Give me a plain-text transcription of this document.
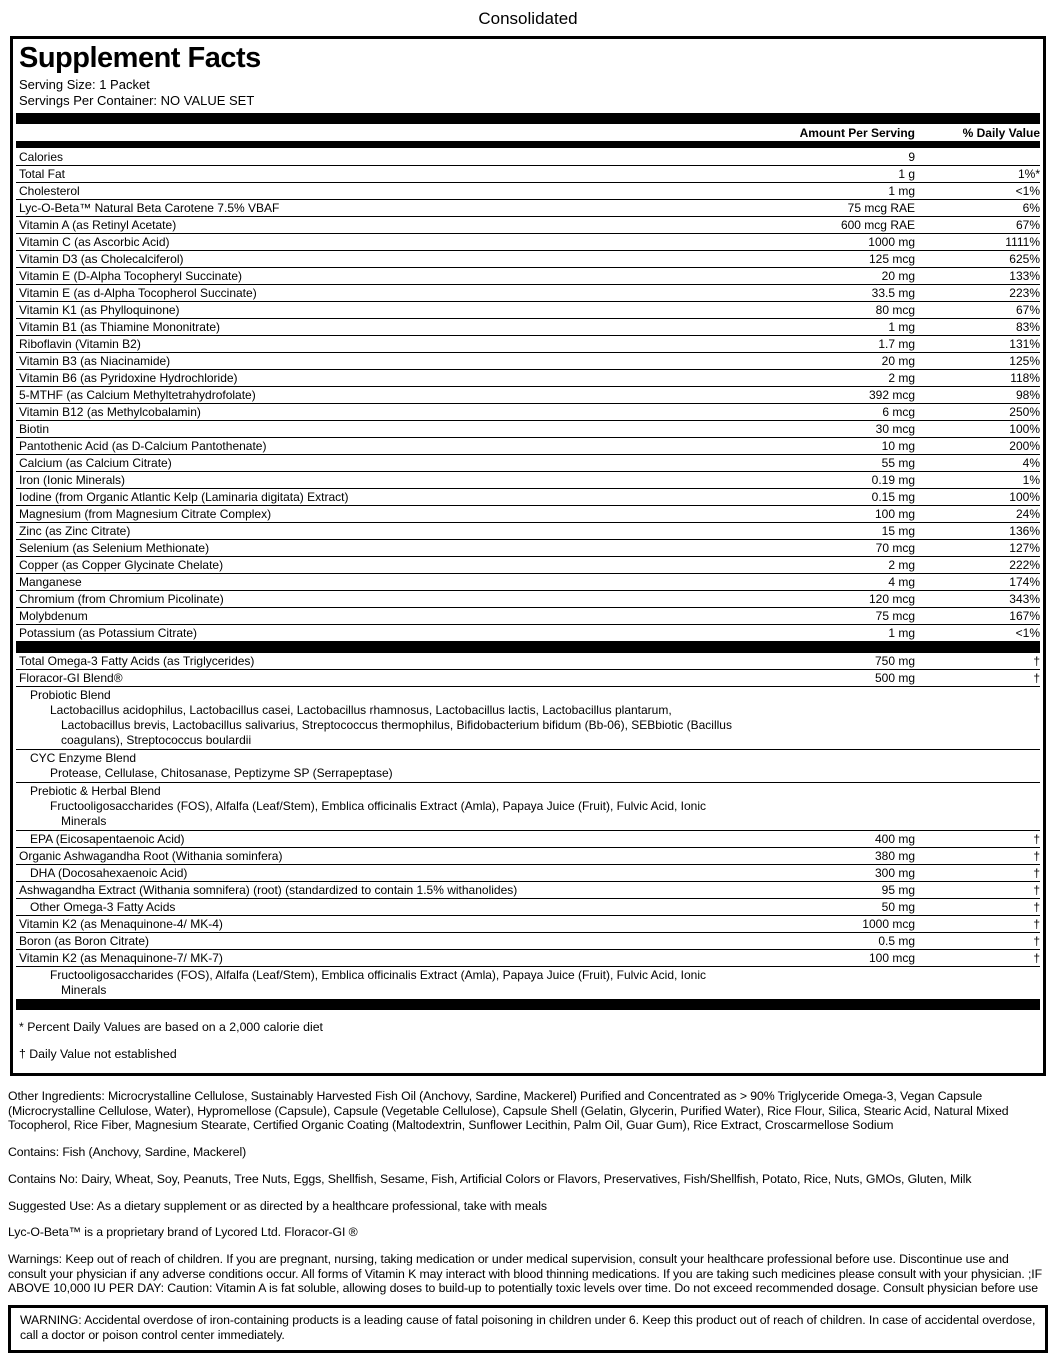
Consolidated
Supplement Facts
Serving Size: 1 Packet
Servings Per Container: NO VALUE SET
Amount Per Serving	% Daily Value
Calories	9
Total Fat	1 g	1%*
Cholesterol	1 mg	<1%
Lyc-O-Beta™ Natural Beta Carotene 7.5% VBAF	75 mcg RAE	6%
Vitamin A (as Retinyl Acetate)	600 mcg RAE	67%
Vitamin C (as Ascorbic Acid)	1000 mg	1111%
Vitamin D3 (as Cholecalciferol)	125 mcg	625%
Vitamin E (D-Alpha Tocopheryl Succinate)	20 mg	133%
Vitamin E (as d-Alpha Tocopherol Succinate)	33.5 mg	223%
Vitamin K1 (as Phylloquinone)	80 mcg	67%
Vitamin B1 (as Thiamine Mononitrate)	1 mg	83%
Riboflavin (Vitamin B2)	1.7 mg	131%
Vitamin B3 (as Niacinamide)	20 mg	125%
Vitamin B6 (as Pyridoxine Hydrochloride)	2 mg	118%
5-MTHF (as Calcium Methyltetrahydrofolate)	392 mcg	98%
Vitamin B12 (as Methylcobalamin)	6 mcg	250%
Biotin	30 mcg	100%
Pantothenic Acid (as D-Calcium Pantothenate)	10 mg	200%
Calcium (as Calcium Citrate)	55 mg	4%
Iron (Ionic Minerals)	0.19 mg	1%
Iodine (from Organic Atlantic Kelp (Laminaria digitata) Extract)	0.15 mg	100%
Magnesium (from Magnesium Citrate Complex)	100 mg	24%
Zinc (as Zinc Citrate)	15 mg	136%
Selenium (as Selenium Methionate)	70 mcg	127%
Copper (as Copper Glycinate Chelate)	2 mg	222%
Manganese	4 mg	174%
Chromium (from Chromium Picolinate)	120 mcg	343%
Molybdenum	75 mcg	167%
Potassium (as Potassium Citrate)	1 mg	<1%
Total Omega-3 Fatty Acids (as Triglycerides)	750 mg	†
Floracor-GI Blend®	500 mg	†
Probiotic Blend
Lactobacillus acidophilus, Lactobacillus casei, Lactobacillus rhamnosus, Lactobacillus lactis, Lactobacillus plantarum,
Lactobacillus brevis, Lactobacillus salivarius, Streptococcus thermophilus, Bifidobacterium bifidum (Bb-06), SEBbiotic (Bacillus
coagulans), Streptococcus boulardii
CYC Enzyme Blend
Protease, Cellulase, Chitosanase, Peptizyme SP (Serrapeptase)
Prebiotic & Herbal Blend
Fructooligosaccharides (FOS), Alfalfa (Leaf/Stem), Emblica officinalis Extract (Amla), Papaya Juice (Fruit), Fulvic Acid, Ionic
Minerals
EPA (Eicosapentaenoic Acid)	400 mg	†
Organic Ashwagandha Root (Withania sominfera)	380 mg	†
DHA (Docosahexaenoic Acid)	300 mg	†
Ashwagandha Extract (Withania somnifera) (root) (standardized to contain 1.5% withanolides)	95 mg	†
Other Omega-3 Fatty Acids	50 mg	†
Vitamin K2 (as Menaquinone-4/ MK-4)	1000 mcg	†
Boron (as Boron Citrate)	0.5 mg	†
Vitamin K2 (as Menaquinone-7/ MK-7)	100 mcg	†
Fructooligosaccharides (FOS), Alfalfa (Leaf/Stem), Emblica officinalis Extract (Amla), Papaya Juice (Fruit), Fulvic Acid, Ionic
Minerals
* Percent Daily Values are based on a 2,000 calorie diet
† Daily Value not established

Other Ingredients: Microcrystalline Cellulose, Sustainably Harvested Fish Oil (Anchovy, Sardine, Mackerel) Purified and Concentrated as > 90% Triglyceride Omega-3, Vegan Capsule (Microcrystalline Cellulose, Water), Hypromellose (Capsule), Capsule (Vegetable Cellulose), Capsule Shell (Gelatin, Glycerin, Purified Water), Rice Flour, Silica, Stearic Acid, Natural Mixed Tocopherol, Rice Fiber, Magnesium Stearate, Certified Organic Coating (Maltodextrin, Sunflower Lecithin, Palm Oil, Guar Gum), Rice Extract, Croscarmellose Sodium

Contains: Fish (Anchovy, Sardine, Mackerel)

Contains No: Dairy, Wheat, Soy, Peanuts, Tree Nuts, Eggs, Shellfish, Sesame, Fish, Artificial Colors or Flavors, Preservatives, Fish/Shellfish, Potato, Rice, Nuts, GMOs, Gluten, Milk

Suggested Use: As a dietary supplement or as directed by a healthcare professional, take with meals

Lyc-O-Beta™ is a proprietary brand of Lycored Ltd. Floracor-GI ®

Warnings: Keep out of reach of children. If you are pregnant, nursing, taking medication or under medical supervision, consult your healthcare professional before use. Discontinue use and consult your physician if any adverse conditions occur. All forms of Vitamin K may interact with blood thinning medications. If you are taking such medicines please consult with your physician. ;IF ABOVE 10,000 IU PER DAY: Caution: Vitamin A is fat soluble, allowing doses to build-up to potentially toxic levels over time. Do not exceed recommended dosage. Consult physician before use

WARNING: Accidental overdose of iron-containing products is a leading cause of fatal poisoning in children under 6. Keep this product out of reach of children. In case of accidental overdose, call a doctor or poison control center immediately.
